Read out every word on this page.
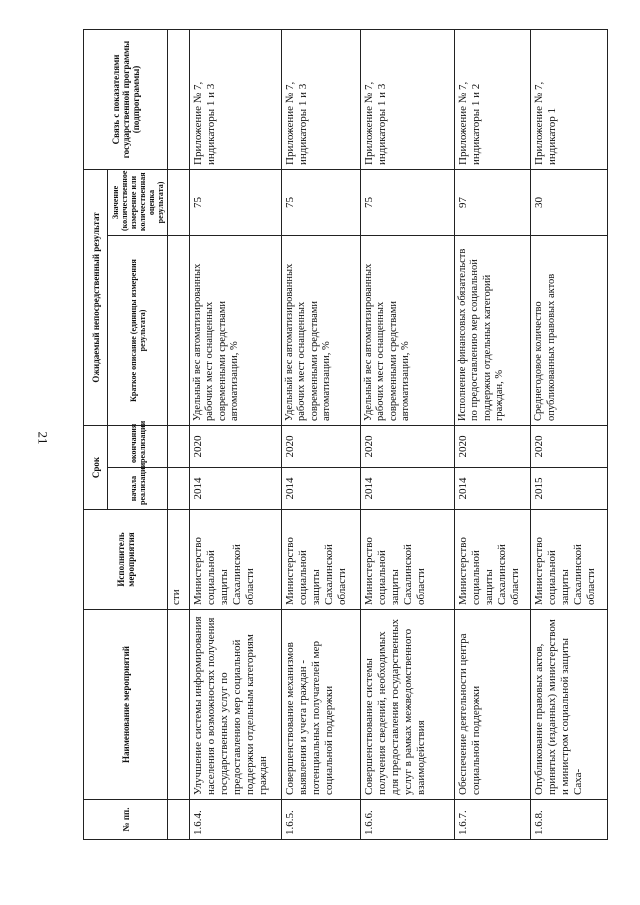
21
№ пп.	Наименование мероприятий	Исполнитель мероприятия	Срок		Ожидаемый непосредственный результат		Связь с показателями государственной программы (подпрограммы)
			начала реализации	окончания реализации	Краткое описание (единицы измерения результата)	Значение (количественное измерение или количественная оценка результата)	
		сти					
1.6.4.	Улучшение системы информирования населения о возможностях получения государственных услуг по предоставлению мер социальной поддержки отдельным категориям граждан	Министерство социальной защиты Сахалинской области	2014	2020	Удельный вес автоматизированных рабочих мест оснащенных современными средствами автоматизации, %	75	Приложение № 7, индикаторы 1 и 3
1.6.5.	Совершенствование механизмов выявления и учета граждан - потенциальных получателей мер социальной поддержки	Министерство социальной защиты Сахалинской области	2014	2020	Удельный вес автоматизированных рабочих мест оснащенных современными средствами автоматизации, %	75	Приложение № 7, индикаторы 1 и 3
1.6.6.	Совершенствование системы получения сведений, необходимых для предоставления государственных услуг в рамках межведомственного взаимодействия	Министерство социальной защиты Сахалинской области	2014	2020	Удельный вес автоматизированных рабочих мест оснащенных современными средствами автоматизации, %	75	Приложение № 7, индикаторы 1 и 3
1.6.7.	Обеспечение деятельности центра социальной поддержки	Министерство социальной защиты Сахалинской области	2014	2020	Исполнение финансовых обязательств по предоставлению мер социальной поддержки отдельных категорий граждан, %	97	Приложение № 7, индикаторы 1 и 2
1.6.8.	Опубликование правовых актов, принятых (изданных) министерством и министром социальной защиты Саха-	Министерство социальной защиты Сахалинской области	2015	2020	Среднегодовое количество опубликованных правовых актов	30	Приложение № 7, индикатор 1
